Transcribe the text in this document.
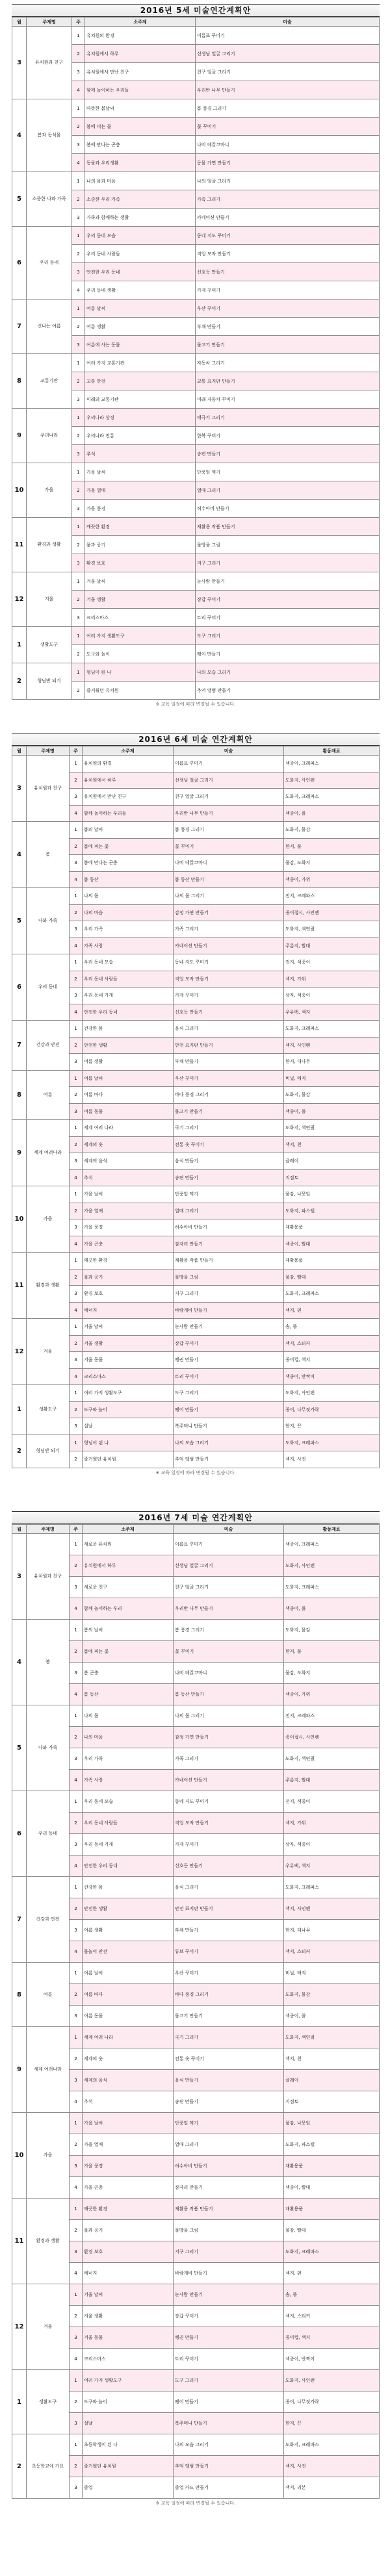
2016년 5세 미술연간계획안
월	주제명	주	소주제	미술
3	유치원과 친구	1	유치원의 환경	이름표 꾸미기
		2	유치원에서 하루	선생님 얼굴 그리기
		3	유치원에서 만난 친구	친구 얼굴 그리기
		4	함께 놀이하는 우리들	우리반 나무 만들기
4	봄과 동식물	1	따뜻한 봄날씨	봄 풍경 그리기
		2	봄에 피는 꽃	꽃 꾸미기
		3	봄에 만나는 곤충	나비 데칼코마니
		4	동물과 우리생활	동물 가면 만들기
5	소중한 나와 가족	1	나의 몸과 마음	나의 얼굴 그리기
		2	소중한 우리 가족	가족 그리기
		3	가족과 함께하는 생활	카네이션 만들기
6	우리 동네	1	우리 동네 모습	동네 지도 꾸미기
		2	우리 동네 사람들	직업 모자 만들기
		3	안전한 우리 동네	신호등 만들기
		4	우리 동네 생활	가게 꾸미기
7	신나는 여름	1	여름 날씨	우산 꾸미기
		2	여름 생활	부채 만들기
		3	여름에 사는 동물	물고기 만들기
8	교통기관	1	여러 가지 교통기관	자동차 그리기
		2	교통 안전	교통 표지판 만들기
		3	미래의 교통기관	미래 자동차 꾸미기
9	우리나라	1	우리나라 상징	태극기 그리기
		2	우리나라 전통	한복 꾸미기
		3	추석	송편 만들기
10	가을	1	가을 날씨	단풍잎 찍기
		2	가을 열매	열매 그리기
		3	가을 풍경	허수아비 만들기
11	환경과 생활	1	깨끗한 환경	재활용 작품 만들기
		2	물과 공기	물방울 그림
		3	환경 보호	지구 그리기
12	겨울	1	겨울 날씨	눈사람 만들기
		2	겨울 생활	장갑 꾸미기
		3	크리스마스	트리 꾸미기
1	생활도구	1	여러 가지 생활도구	도구 그리기
		2	도구와 놀이	팽이 만들기
2	형님반 되기	1	형님이 된 나	나의 모습 그리기
		2	즐거웠던 유치원	추억 앨범 만들기
※ 교육 일정에 따라 변경될 수 있습니다.
2016년 6세 미술 연간계획안
월	주제명	주	소주제	미술	활동재료
3	유치원과 친구	1	유치원의 환경	이름표 꾸미기	색종이, 크레파스
		2	유치원에서 하루	선생님 얼굴 그리기	도화지, 사인펜
		3	유치원에서 만난 친구	친구 얼굴 그리기	도화지, 크레파스
		4	함께 놀이하는 우리들	우리반 나무 만들기	색종이, 풀
4	봄	1	봄의 날씨	봄 풍경 그리기	도화지, 물감
		2	봄에 피는 꽃	꽃 꾸미기	한지, 풀
		3	봄에 만나는 곤충	나비 데칼코마니	물감, 도화지
		4	봄 동산	봄 동산 만들기	색종이, 가위
5	나와 가족	1	나의 몸	나의 몸 그리기	전지, 크레파스
		2	나의 마음	감정 가면 만들기	종이접시, 사인펜
		3	우리 가족	가족 그리기	도화지, 색연필
		4	가족 사랑	카네이션 만들기	주름지, 빨대
6	우리 동네	1	우리 동네 모습	동네 지도 꾸미기	전지, 색종이
		2	우리 동네 사람들	직업 모자 만들기	색지, 가위
		3	우리 동네 가게	가게 꾸미기	상자, 색종이
		4	안전한 우리 동네	신호등 만들기	우유팩, 색지
7	건강과 안전	1	건강한 몸	음식 그리기	도화지, 크레파스
		2	안전한 생활	안전 표지판 만들기	색지, 사인펜
		3	여름 생활	부채 만들기	한지, 대나무
8	여름	1	여름 날씨	우산 꾸미기	비닐, 매직
		2	여름 바다	바다 풍경 그리기	도화지, 물감
		3	여름 동물	물고기 만들기	색종이, 풀
9	세계 여러나라	1	세계 여러 나라	국기 그리기	도화지, 색연필
		2	세계의 옷	전통 옷 꾸미기	색지, 천
		3	세계의 음식	음식 만들기	클레이
		4	추석	송편 만들기	지점토
10	가을	1	가을 날씨	단풍잎 찍기	물감, 나뭇잎
		2	가을 열매	열매 그리기	도화지, 파스텔
		3	가을 풍경	허수아비 만들기	재활용품
		4	가을 곤충	잠자리 만들기	색종이, 빨대
11	환경과 생활	1	깨끗한 환경	재활용 작품 만들기	재활용품
		2	물과 공기	물방울 그림	물감, 빨대
		3	환경 보호	지구 그리기	도화지, 크레파스
		4	에너지	바람개비 만들기	색지, 핀
12	겨울	1	겨울 날씨	눈사람 만들기	솜, 풀
		2	겨울 생활	장갑 꾸미기	색지, 스티커
		3	겨울 동물	펭귄 만들기	종이컵, 색지
		4	크리스마스	트리 꾸미기	색종이, 반짝이
1	생활도구	1	여러 가지 생활도구	도구 그리기	도화지, 사인펜
		2	도구와 놀이	팽이 만들기	종이, 나무젓가락
		3	설날	복주머니 만들기	한지, 끈
2	형님반 되기	1	형님이 된 나	나의 모습 그리기	도화지, 크레파스
		2	즐거웠던 유치원	추억 앨범 만들기	색지, 사진
※ 교육 일정에 따라 변경될 수 있습니다.
2016년 7세 미술 연간계획안
월	주제명	주	소주제	미술	활동재료
3	유치원과 친구	1	새로운 유치원	이름표 꾸미기	색종이, 크레파스
		2	유치원에서 하루	선생님 얼굴 그리기	도화지, 사인펜
		3	새로운 친구	친구 얼굴 그리기	도화지, 크레파스
		4	함께 놀이하는 우리	우리반 나무 만들기	색종이, 풀
4	봄	1	봄의 날씨	봄 풍경 그리기	도화지, 물감
		2	봄에 피는 꽃	꽃 꾸미기	한지, 풀
		3	봄 곤충	나비 데칼코마니	물감, 도화지
		4	봄 동산	봄 동산 만들기	색종이, 가위
5	나와 가족	1	나의 몸	나의 몸 그리기	전지, 크레파스
		2	나의 마음	감정 가면 만들기	종이접시, 사인펜
		3	우리 가족	가족 그리기	도화지, 색연필
		4	가족 사랑	카네이션 만들기	주름지, 빨대
6	우리 동네	1	우리 동네 모습	동네 지도 꾸미기	전지, 색종이
		2	우리 동네 사람들	직업 모자 만들기	색지, 가위
		3	우리 동네 가게	가게 꾸미기	상자, 색종이
		4	안전한 우리 동네	신호등 만들기	우유팩, 색지
7	건강과 안전	1	건강한 몸	음식 그리기	도화지, 크레파스
		2	안전한 생활	안전 표지판 만들기	색지, 사인펜
		3	여름 생활	부채 만들기	한지, 대나무
		4	물놀이 안전	튜브 꾸미기	색지, 스티커
8	여름	1	여름 날씨	우산 꾸미기	비닐, 매직
		2	여름 바다	바다 풍경 그리기	도화지, 물감
		3	여름 동물	물고기 만들기	색종이, 풀
9	세계 여러나라	1	세계 여러 나라	국기 그리기	도화지, 색연필
		2	세계의 옷	전통 옷 꾸미기	색지, 천
		3	세계의 음식	음식 만들기	클레이
		4	추석	송편 만들기	지점토
10	가을	1	가을 날씨	단풍잎 찍기	물감, 나뭇잎
		2	가을 열매	열매 그리기	도화지, 파스텔
		3	가을 풍경	허수아비 만들기	재활용품
		4	가을 곤충	잠자리 만들기	색종이, 빨대
11	환경과 생활	1	깨끗한 환경	재활용 작품 만들기	재활용품
		2	물과 공기	물방울 그림	물감, 빨대
		3	환경 보호	지구 그리기	도화지, 크레파스
		4	에너지	바람개비 만들기	색지, 핀
12	겨울	1	겨울 날씨	눈사람 만들기	솜, 풀
		2	겨울 생활	장갑 꾸미기	색지, 스티커
		3	겨울 동물	펭귄 만들기	종이컵, 색지
		4	크리스마스	트리 꾸미기	색종이, 반짝이
1	생활도구	1	여러 가지 생활도구	도구 그리기	도화지, 사인펜
		2	도구와 놀이	팽이 만들기	종이, 나무젓가락
		3	설날	복주머니 만들기	한지, 끈
2	초등학교에 가요	1	초등학생이 된 나	나의 모습 그리기	도화지, 크레파스
		2	즐거웠던 유치원	추억 앨범 만들기	색지, 사진
		3	졸업	졸업 카드 만들기	색지, 리본
※ 교육 일정에 따라 변경될 수 있습니다.
